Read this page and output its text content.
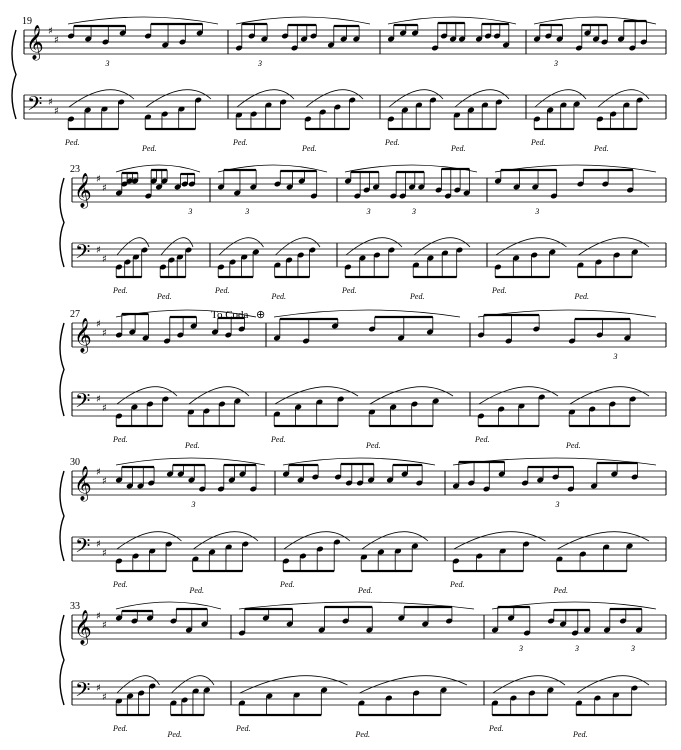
𝄞
𝄢
♯
♯
♯
♯
19
3
Ped.
Ped.
3
Ped.
Ped.
Ped.
Ped.
3
Ped.
Ped.
𝄞
𝄢
♯
♯
♯
♯
23
3
Ped.
Ped.
3
Ped.
Ped.
3	3
Ped.
Ped.
3
Ped.
Ped.
𝄞
𝄢
♯
♯
♯
♯
27	To Coda ⊕
Ped.
Ped.
Ped.
Ped.
3
Ped.
Ped.
𝄞
𝄢
♯
♯
♯
♯
30
3
Ped.
Ped.
Ped.
Ped.
3
Ped.
Ped.
𝄞
𝄢
♯
♯
♯
♯
33
Ped.
Ped.
Ped.
Ped.
3	3	3
Ped.
Ped.
